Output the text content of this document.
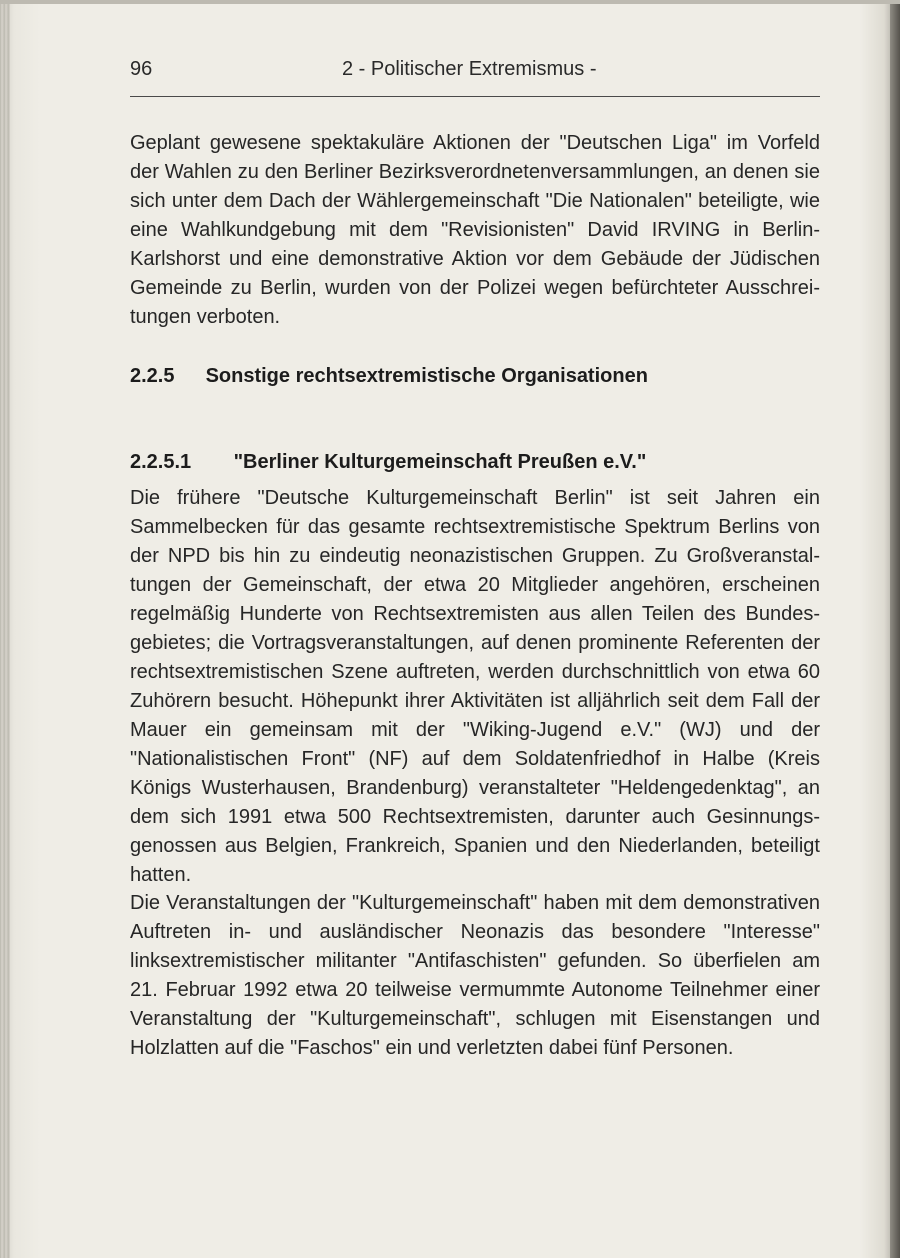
96	2 - Politischer Extremismus -
Geplant gewesene spektakuläre Aktionen der "Deutschen Liga" im Vorfeld der Wahlen zu den Berliner Bezirksverordnetenversammlungen, an denen sie sich unter dem Dach der Wählergemeinschaft "Die Nationalen" beteiligte, wie eine Wahlkundgebung mit dem "Revisionisten" David IRVING in Berlin-Karlshorst und eine demonstrative Aktion vor dem Gebäude der Jüdischen Gemeinde zu Berlin, wurden von der Polizei wegen befürchteter Ausschreitungen verboten.
2.2.5 Sonstige rechtsextremistische Organisationen
2.2.5.1 "Berliner Kulturgemeinschaft Preußen e.V."
Die frühere "Deutsche Kulturgemeinschaft Berlin" ist seit Jahren ein Sammelbecken für das gesamte rechtsextremistische Spektrum Berlins von der NPD bis hin zu eindeutig neonazistischen Gruppen. Zu Großveranstaltungen der Gemeinschaft, der etwa 20 Mitglieder angehören, erscheinen regelmäßig Hunderte von Rechtsextremisten aus allen Teilen des Bundesgebietes; die Vortragsveranstaltungen, auf denen prominente Referenten der rechtsextremistischen Szene auftreten, werden durchschnittlich von etwa 60 Zuhörern besucht. Höhepunkt ihrer Aktivitäten ist alljährlich seit dem Fall der Mauer ein gemeinsam mit der "Wiking-Jugend e.V." (WJ) und der "Nationalistischen Front" (NF) auf dem Soldatenfriedhof in Halbe (Kreis Königs Wusterhausen, Brandenburg) veranstalteter "Heldengedenktag", an dem sich 1991 etwa 500 Rechtsextremisten, darunter auch Gesinnungsgenossen aus Belgien, Frankreich, Spanien und den Niederlanden, beteiligt hatten.
Die Veranstaltungen der "Kulturgemeinschaft" haben mit dem demonstrativen Auftreten in- und ausländischer Neonazis das besondere "Interesse" linksextremistischer militanter "Antifaschisten" gefunden. So überfielen am 21. Februar 1992 etwa 20 teilweise vermummte Autonome Teilnehmer einer Veranstaltung der "Kulturgemeinschaft", schlugen mit Eisenstangen und Holzlatten auf die "Faschos" ein und verletzten dabei fünf Personen.
